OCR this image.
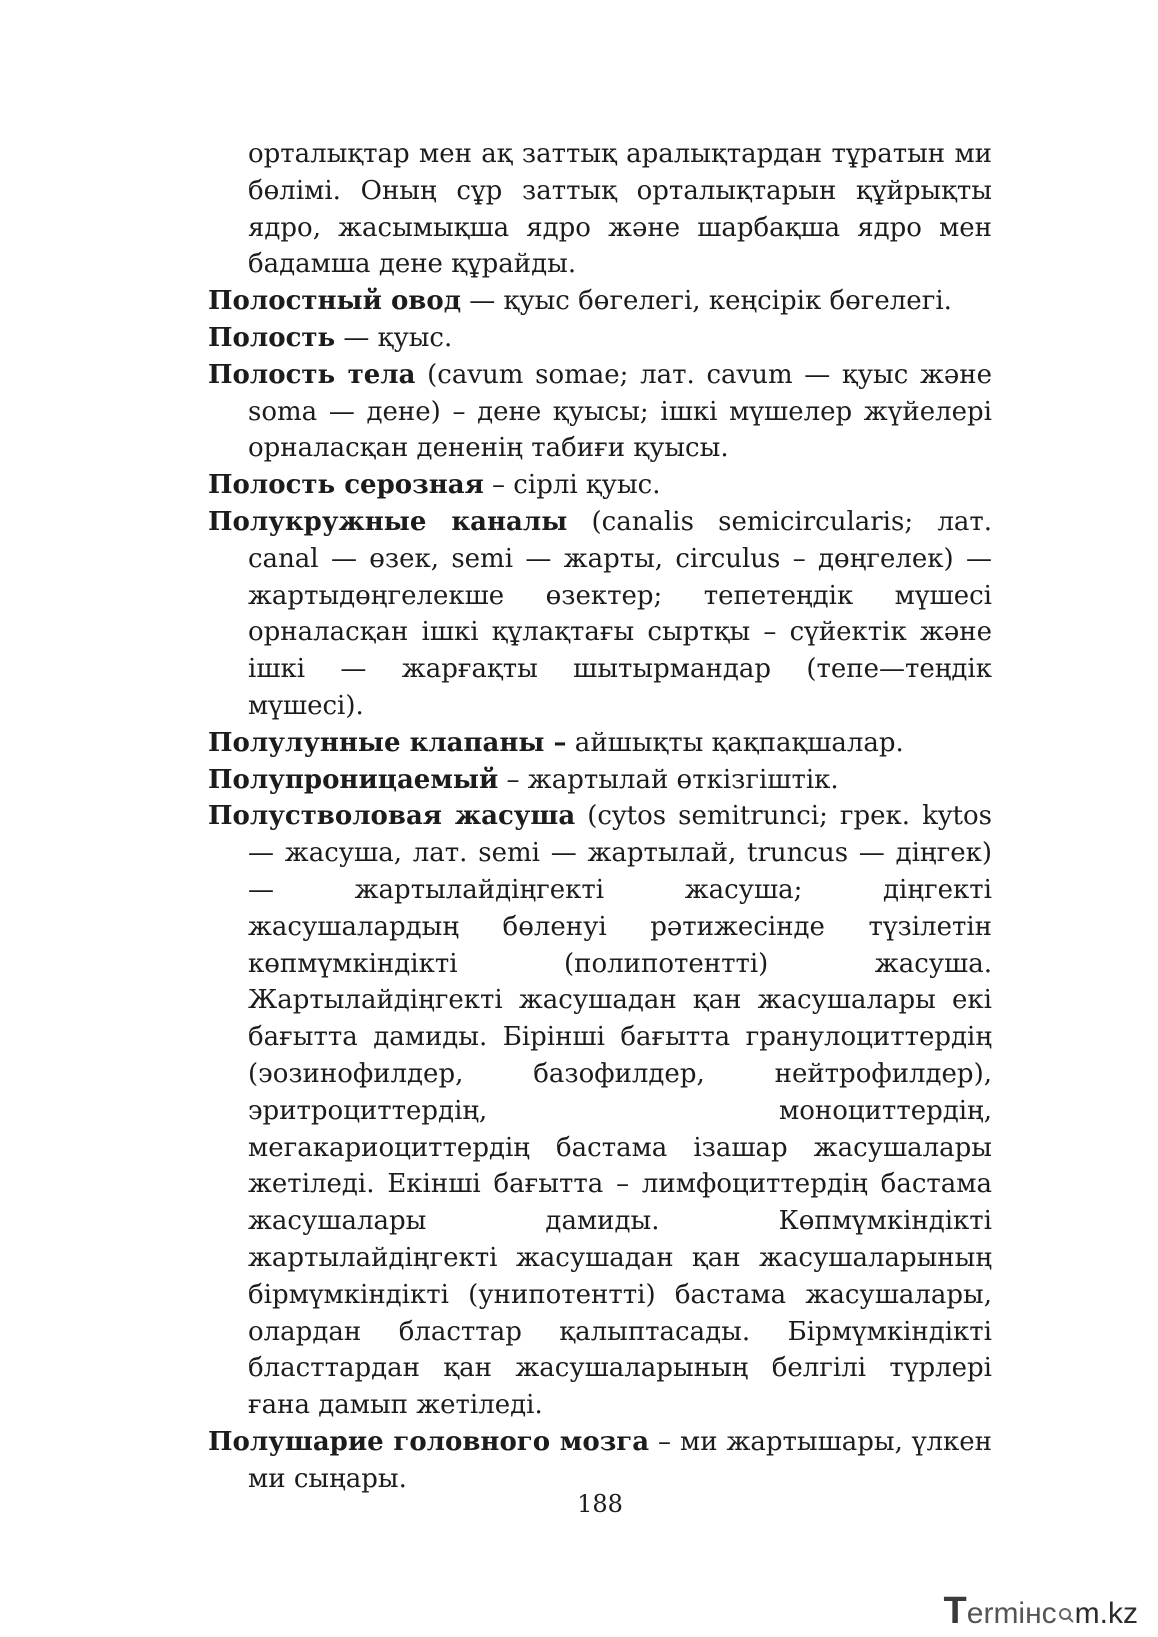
орталықтар мен ақ заттық аралықтардан тұратын ми бөлімі. Оның сұр заттық орталықтарын құйрықты ядро, жасымықша ядро және шарбақша ядро мен бадамша дене құрайды.

Полостный овод — қуыс бөгелегі, кеңсірік бөгелегі.

Полость — қуыс.

Полость тела (cavum somae; лат. cavum — қуыс және soma — дене) – дене қуысы; ішкі мүшелер жүйелері орналасқан дененің табиғи қуысы.

Полость серозная – сірлі қуыс.

Полукружные каналы (canalis semicircularis; лат. canal — өзек, semi — жарты, circulus – дөңгелек) — жартыдөңгелекше өзектер; тепетеңдік мүшесі орналасқан ішкі құлақтағы сыртқы – сүйектік және ішкі — жарғақты шытырмандар (тепе—теңдік мүшесі).

Полулунные клапаны – айшықты қақпақшалар.

Полупроницаемый – жартылай өткізгіштік.

Полустволовая жасуша (cytos semitrunci; грек. kytos — жасуша, лат. semi — жартылай, truncus — діңгек) — жартылайдіңгекті жасуша; діңгекті жасушалардың бөленуі рәтижесінде түзілетін көпмүмкіндікті (полипотентті) жасуша. Жартылайдіңгекті жасушадан қан жасушалары екі бағытта дамиды. Бірінші бағытта гранулоциттердің (эозинофилдер, базофилдер, нейтрофилдер), эритроциттердің, моноциттердің, мегакариоциттердің бастама ізашар жасушалары жетіледі. Екінші бағытта – лимфоциттердің бастама жасушалары дамиды. Көпмүмкіндікті жартылайдіңгекті жасушадан қан жасушаларының бірмүмкіндікті (унипотентті) бастама жасушалары, олардан бласттар қалыптасады. Бірмүмкіндікті бласттардан қан жасушаларының белгілі түрлері ғана дамып жетіледі.

Полушарие головного мозга – ми жартышары, үлкен ми сыңары.

188
T ermінc m.kz
